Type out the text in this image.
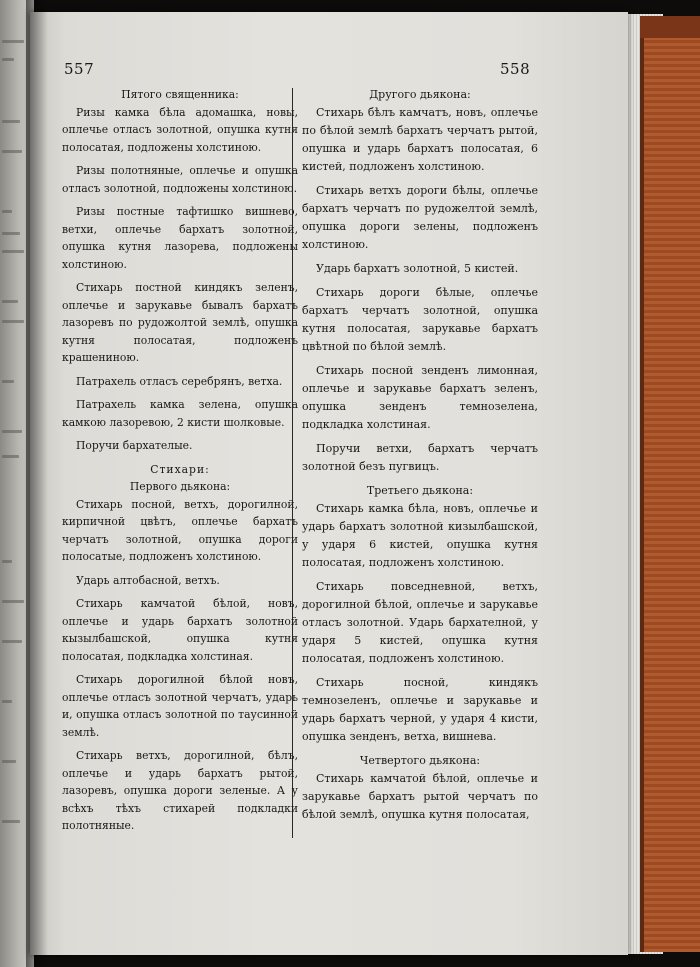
557	558

Пятого священника:

Ризы камка бѣла адомашка, новы, оплечье отласъ золотной, опушка кутня полосатая, подложены холстиною.

Ризы полотняные, оплечье и опушка отласъ золотной, подложены холстиною.

Ризы постные тафтишко вишнево, ветхи, оплечье бархатъ золотной, опушка кутня лазорева, подложены холстиною.

Стихарь постной киндякъ зеленъ, оплечье и зарукавье бывалъ бархатъ лазоревъ по рудожолтой землѣ, опушка кутня полосатая, подложенъ крашениною.

Патрахель отласъ серебрянъ, ветха.

Патрахель камка зелена, опушка камкою лазоревою, 2 кисти шолковые.

Поручи бархателые.

Стихари:

Первого дьякона:

Стихарь посной, ветхъ, дорогилной, кирпичной цвѣтъ, оплечье бархатъ черчатъ золотной, опушка дороги полосатые, подложенъ холстиною.

Ударь алтобасной, ветхъ.

Стихарь камчатой бѣлой, новъ, оплечье и ударь бархатъ золотной кызылбашской, опушка кутня полосатая, подкладка холстиная.

Стихарь дорогилной бѣлой новъ, оплечье отласъ золотной черчатъ, ударь и, опушка отласъ золотной по таусинной землѣ.

Стихарь ветхъ, дорогилной, бѣлъ, оплечье и ударь бархатъ рытой, лазоревъ, опушка дороги зеленые. А у всѣхъ тѣхъ стихарей подкладки полотняные.

Другого дьякона:

Стихарь бѣлъ камчатъ, новъ, оплечье по бѣлой землѣ бархатъ черчатъ рытой, опушка и ударь бархатъ полосатая, 6 кистей, подложенъ холстиною.

Стихарь ветхъ дороги бѣлы, оплечье бархатъ черчатъ по рудожелтой землѣ, опушка дороги зелены, подложенъ холстиною.

Ударь бархатъ золотной, 5 кистей.

Стихарь дороги бѣлые, оплечье бархатъ черчатъ золотной, опушка кутня полосатая, зарукавье бархатъ цвѣтной по бѣлой землѣ.

Стихарь посной зенденъ лимонная, оплечье и зарукавье бархатъ зеленъ, опушка зенденъ темнозелена, подкладка холстиная.

Поручи ветхи, бархатъ черчатъ золотной безъ пугвицъ.

Третьего дьякона:

Стихарь камка бѣла, новъ, оплечье и ударь бархатъ золотной кизылбашской, у ударя 6 кистей, опушка кутня полосатая, подложенъ холстиною.

Стихарь повседневной, ветхъ, дорогилной бѣлой, оплечье и зарукавье отласъ золотной. Ударь бархателной, у ударя 5 кистей, опушка кутня полосатая, подложенъ холстиною.

Стихарь посной, киндякъ темнозеленъ, оплечье и зарукавье и ударь бархатъ черной, у ударя 4 кисти, опушка зенденъ, ветха, вишнева.

Четвертого дьякона:

Стихарь камчатой бѣлой, оплечье и зарукавье бархатъ рытой черчатъ по бѣлой землѣ, опушка кутня полосатая,
